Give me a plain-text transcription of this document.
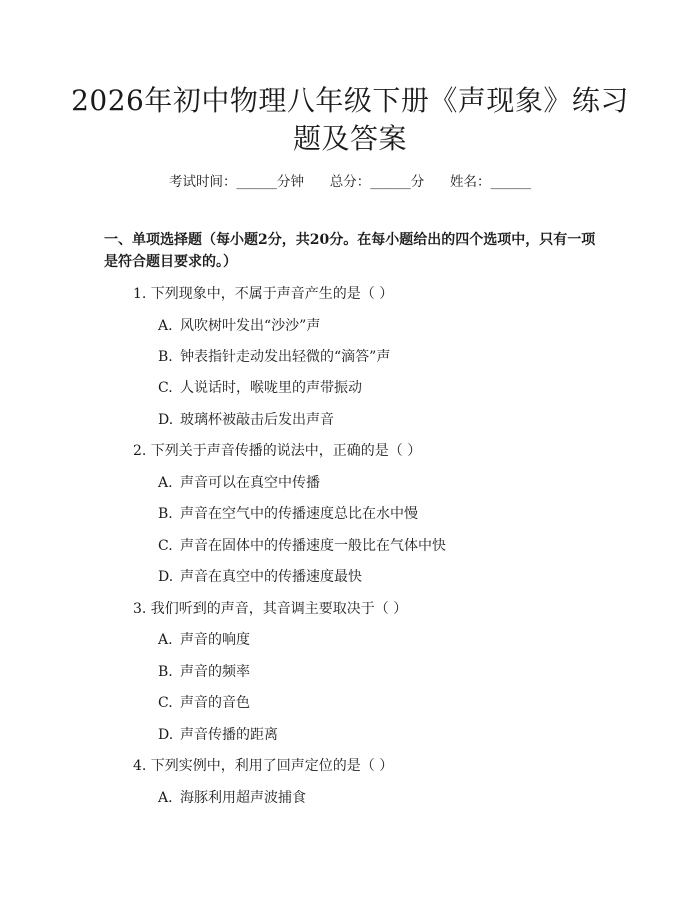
2026年初中物理八年级下册《声现象》练习题及答案
考试时间：______分钟      总分：______分      姓名：______
一、单项选择题（每小题2分，共20分。在每小题给出的四个选项中，只有一项是符合题目要求的。）
1. 下列现象中，不属于声音产生的是（ ）
A. 风吹树叶发出“沙沙”声
B. 钟表指针走动发出轻微的“滴答”声
C. 人说话时，喉咙里的声带振动
D. 玻璃杯被敲击后发出声音
2. 下列关于声音传播的说法中，正确的是（ ）
A. 声音可以在真空中传播
B. 声音在空气中的传播速度总比在水中慢
C. 声音在固体中的传播速度一般比在气体中快
D. 声音在真空中的传播速度最快
3. 我们听到的声音，其音调主要取决于（ ）
A. 声音的响度
B. 声音的频率
C. 声音的音色
D. 声音传播的距离
4. 下列实例中，利用了回声定位的是（ ）
A. 海豚利用超声波捕食
